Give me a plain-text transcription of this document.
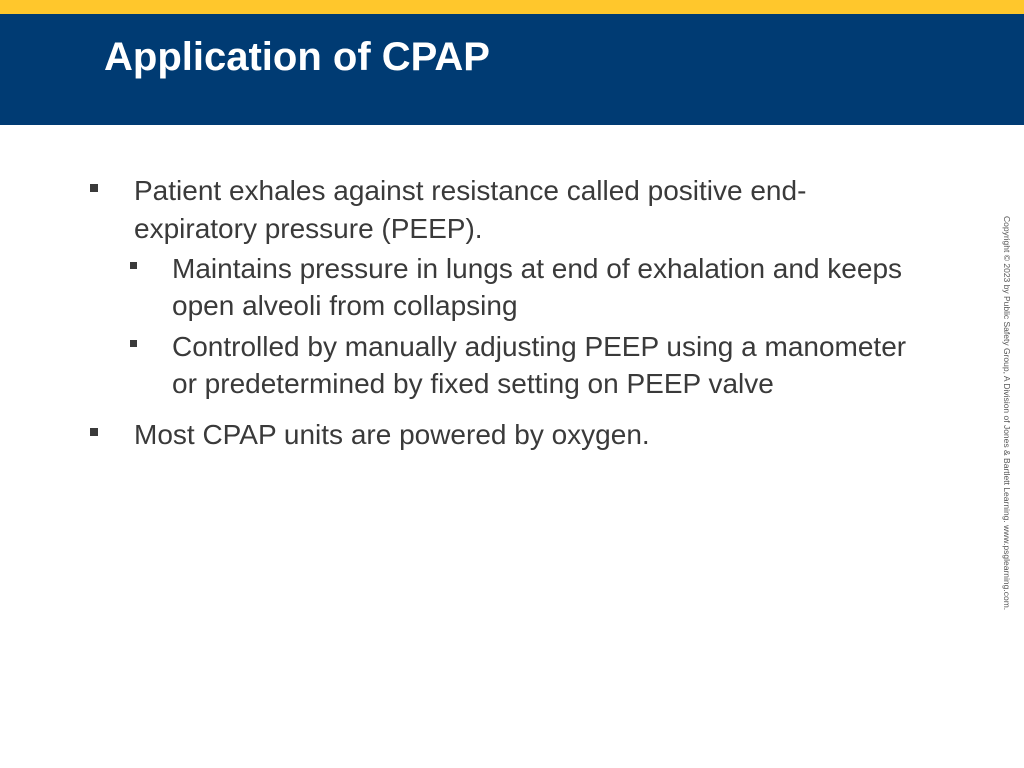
Application of CPAP
Patient exhales against resistance called positive end-expiratory pressure (PEEP).
Maintains pressure in lungs at end of exhalation and keeps open alveoli from collapsing
Controlled by manually adjusting PEEP using a manometer or predetermined by fixed setting on PEEP valve
Most CPAP units are powered by oxygen.	Copyright © 2023 by Public Safety Group, A Division of Jones & Bartlett Learning. www.psglearning.com.
